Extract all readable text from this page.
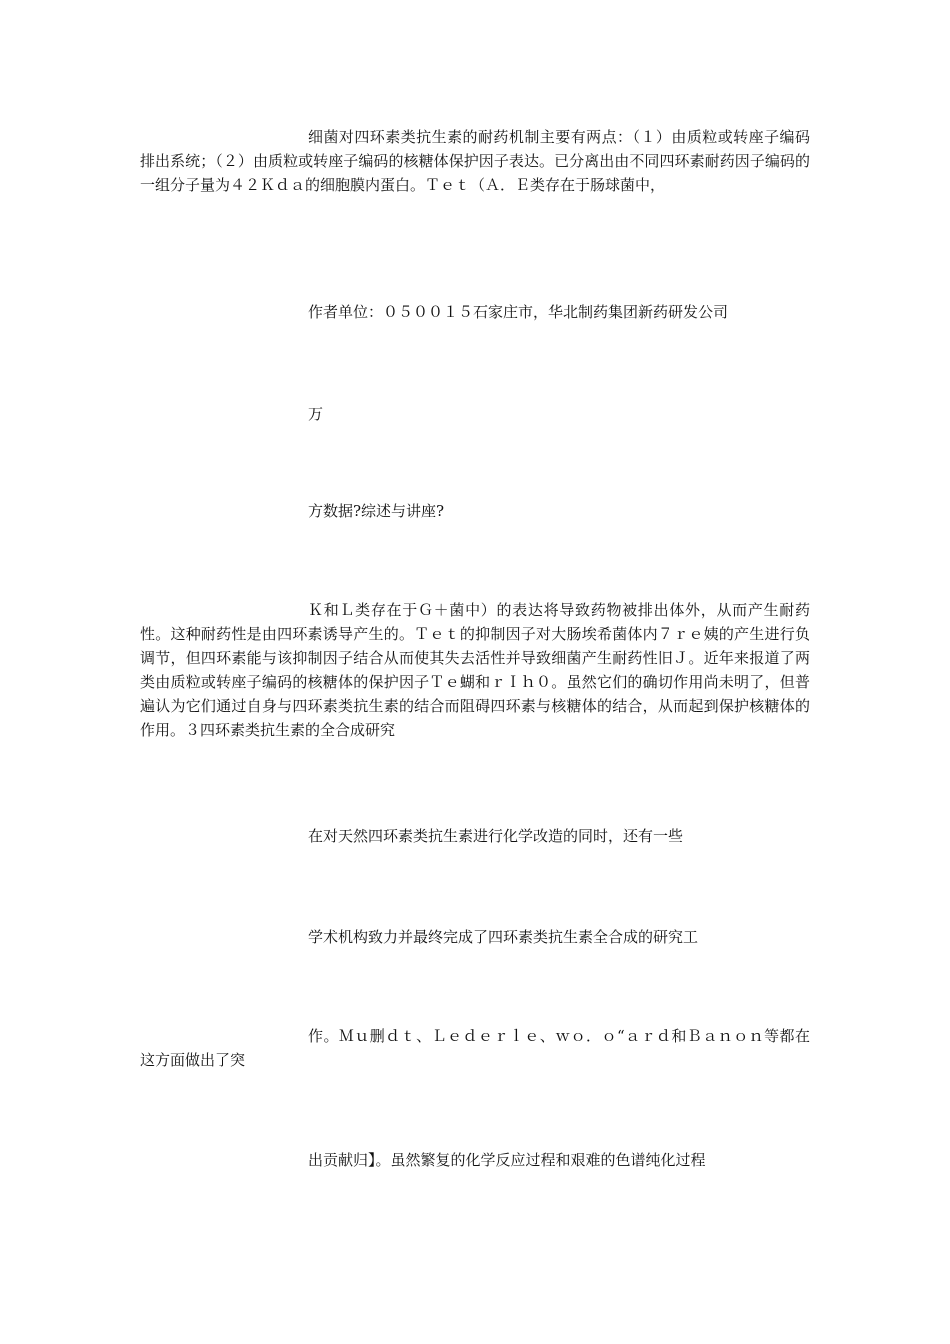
细菌对四环素类抗生素的耐药机制主要有两点：（１）由质粒或转座子编码排出系统；（２）由质粒或转座子编码的核糖体保护因子表达。已分离出由不同四环素耐药因子编码的一组分子量为４２Ｋｄａ的细胞膜内蛋白。Ｔｅｔ（Ａ．Ｅ类存在于肠球菌中，

作者单位：０５００１５石家庄市，华北制药集团新药研发公司

万

方数据?综述与讲座?

Ｋ和Ｌ类存在于Ｇ＋菌中）的表达将导致药物被排出体外，从而产生耐药性。这种耐药性是由四环素诱导产生的。Ｔｅｔ的抑制因子对大肠埃希菌体内７ｒｅ姨的产生进行负调节，但四环素能与该抑制因子结合从而使其失去活性并导致细菌产生耐药性旧Ｊ。近年来报道了两类由质粒或转座子编码的核糖体的保护因子Ｔｅ蝴和ｒＩｈ０。虽然它们的确切作用尚未明了，但普遍认为它们通过自身与四环素类抗生素的结合而阻碍四环素与核糖体的结合，从而起到保护核糖体的作用。３四环素类抗生素的全合成研究

在对天然四环素类抗生素进行化学改造的同时，还有一些

学术机构致力并最终完成了四环素类抗生素全合成的研究工

作。Ｍｕ删ｄｔ、Ｌｅｄｅｒｌｅ、ｗｏ．ｏ“ａｒｄ和Ｂａｎｏｎ等都在这方面做出了突

出贡献归】。虽然繁复的化学反应过程和艰难的色谱纯化过程
